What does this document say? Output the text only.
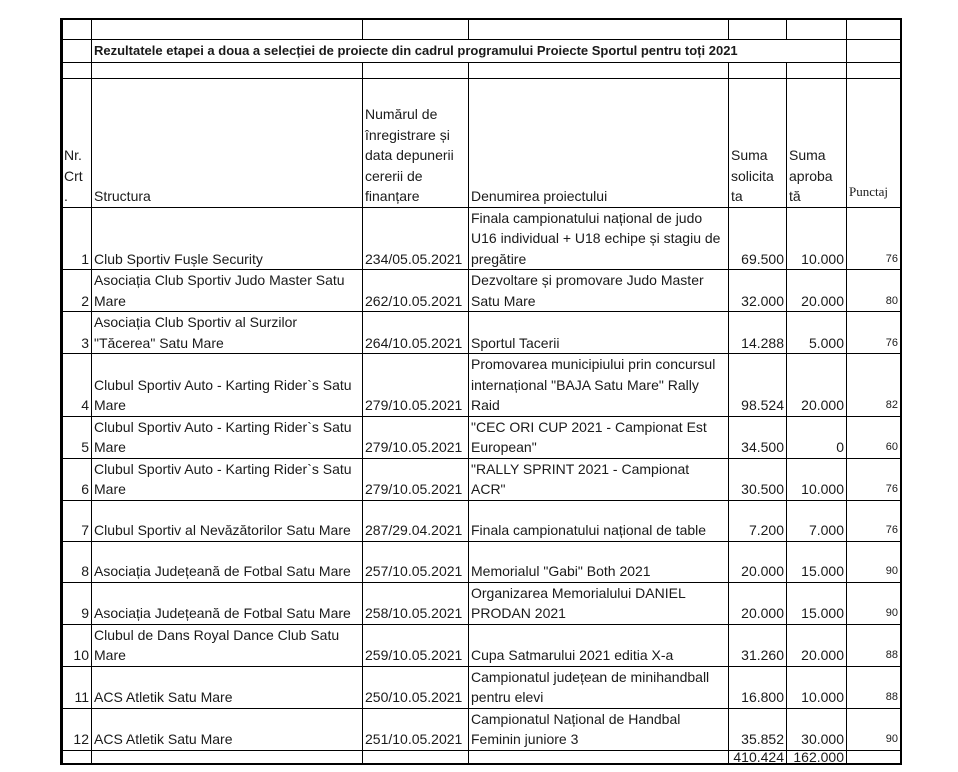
	Rezultatele etapei a doua a selecției de proiecte din cadrul programului Proiecte Sportul pentru toți 2021					

Nr. Crt .	Structura	Numărul de înregistrare și data depunerii cererii de finanțare	Denumirea proiectului	Suma solicita ta	Suma aproba tă	Punctaj
1	Club Sportiv Fușle Security	234/05.05.2021	Finala campionatului național de judo U16 individual + U18 echipe și stagiu de pregătire	69.500	10.000	76
2	Asociația Club Sportiv Judo Master Satu Mare	262/10.05.2021	Dezvoltare și promovare Judo Master Satu Mare	32.000	20.000	80
3	Asociația Club Sportiv al Surzilor "Tăcerea" Satu Mare	264/10.05.2021	Sportul Tacerii	14.288	5.000	76
4	Clubul Sportiv Auto - Karting Rider`s Satu Mare	279/10.05.2021	Promovarea municipiului prin concursul internațional "BAJA Satu Mare" Rally Raid	98.524	20.000	82
5	Clubul Sportiv Auto - Karting Rider`s Satu Mare	279/10.05.2021	"CEC ORI CUP 2021 - Campionat Est European"	34.500	0	60
6	Clubul Sportiv Auto - Karting Rider`s Satu Mare	279/10.05.2021	"RALLY SPRINT 2021 - Campionat ACR"	30.500	10.000	76
7	Clubul Sportiv al Nevăzătorilor Satu Mare	287/29.04.2021	Finala campionatului național de table	7.200	7.000	76
8	Asociația Județeană de Fotbal Satu Mare	257/10.05.2021	Memorialul "Gabi" Both 2021	20.000	15.000	90
9	Asociația Județeană de Fotbal Satu Mare	258/10.05.2021	Organizarea Memorialului DANIEL PRODAN 2021	20.000	15.000	90
10	Clubul de Dans Royal Dance Club Satu Mare	259/10.05.2021	Cupa Satmarului 2021 editia X-a	31.260	20.000	88
11	ACS Atletik Satu Mare	250/10.05.2021	Campionatul județean de minihandball pentru elevi	16.800	10.000	88
12	ACS Atletik Satu Mare	251/10.05.2021	Campionatul Național de Handbal Feminin juniore 3	35.852	30.000	90
				410.424	162.000	
